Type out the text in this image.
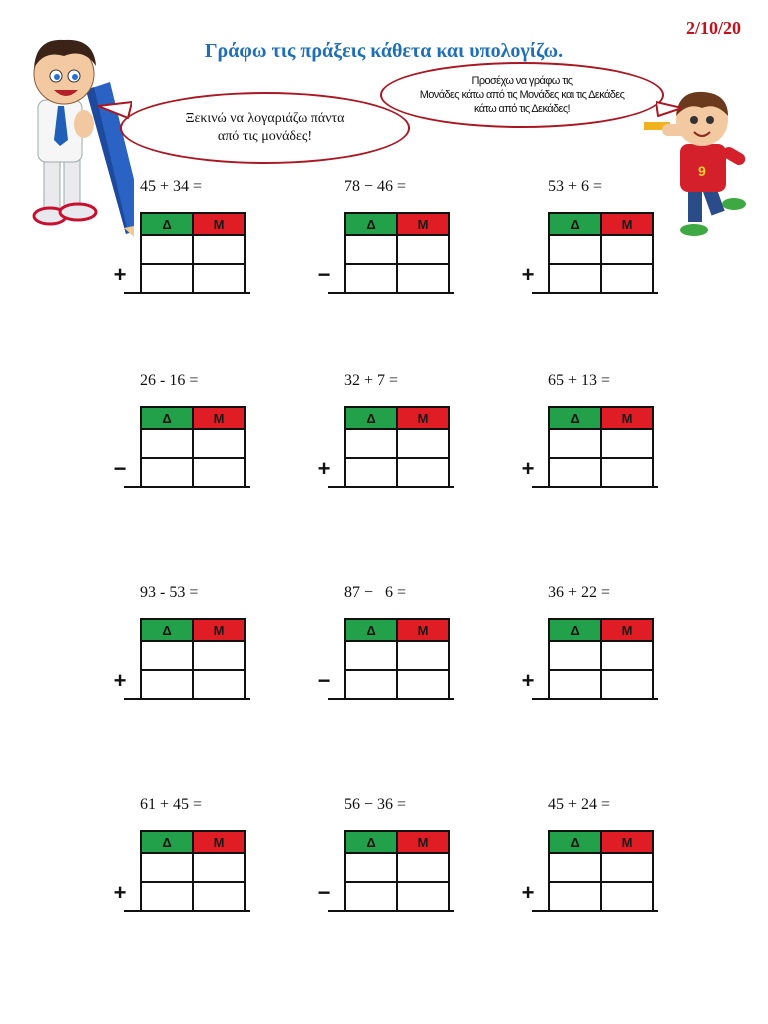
2/10/20
Γράφω τις πράξεις κάθετα και υπολογίζω.
9
Ξεκινώ να λογαριάζω πάντα
από τις μονάδες!
Προσέχω να γράφω τις
Μονάδες κάτω από τις Μονάδες και τις Δεκάδες
κάτω από τις Δεκάδες!
45 + 34 =
Δ	Μ

+
78 − 46 =
Δ	Μ

−
53 + 6 =
Δ	Μ

+
26 - 16 =
Δ	Μ

−
32 + 7 =
Δ	Μ

+
65 + 13 =
Δ	Μ

+
93 - 53 =
Δ	Μ

+
87 −   6 =
Δ	Μ

−
36 + 22 =
Δ	Μ

+
61 + 45 =
Δ	Μ

+
56 − 36 =
Δ	Μ

−
45 + 24 =
Δ	Μ

+
